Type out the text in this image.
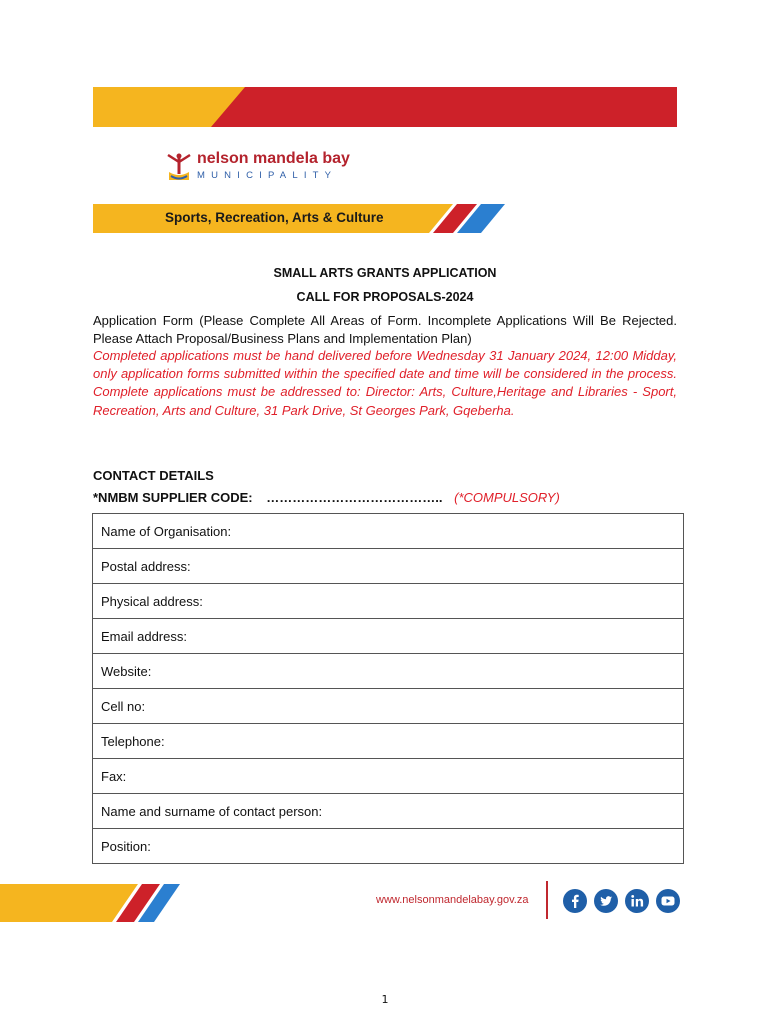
nelson mandela bay
MUNICIPALITY
Sports, Recreation, Arts & Culture
SMALL ARTS GRANTS APPLICATION
CALL FOR PROPOSALS-2024

Application Form (Please Complete All Areas of Form. Incomplete Applications Will Be Rejected. Please Attach Proposal/Business Plans and Implementation Plan)

Completed applications must be hand delivered before Wednesday 31 January 2024, 12:00 Midday, only application forms submitted within the specified date and time will be considered in the process. Complete applications must be addressed to: Director: Arts, Culture,Heritage and Libraries - Sport, Recreation, Arts and Culture, 31 Park Drive, St Georges Park, Gqeberha.

CONTACT DETAILS
*NMBM SUPPLIER CODE: ………………………………….. (*COMPULSORY)
Name of Organisation:
Postal address:
Physical address:
Email address:
Website:
Cell no:
Telephone:
Fax:
Name and surname of contact person:
Position:
www.nelsonmandelabay.gov.za
1
